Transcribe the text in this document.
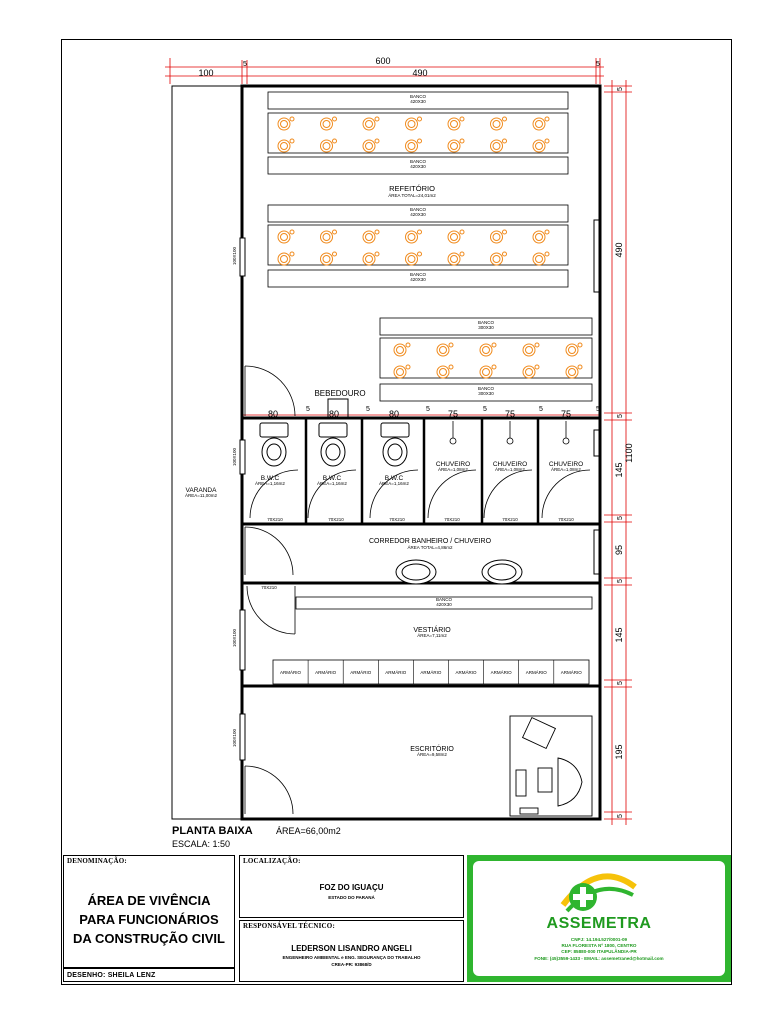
600
100
5
490
5
1100
5
490
5
145
5
95
5
145
5
195
5
80	5 80	5 80	5 75	5 75	5 75	5
ARMÁRIO	ARMÁRIO	ARMÁRIO	ARMÁRIO	ARMÁRIO	ARMÁRIO	ARMÁRIO	ARMÁRIO	ARMÁRIO
BANCO
420X30
BANCO
420X30
BANCO
420X30
BANCO
420X30
BANCO
300X30
BANCO
300X30
BANCO
420X30
REFEITÓRIO
BEBEDOURO
B.W.C	B.W.C	B.W.C
CHUVEIRO	CHUVEIRO	CHUVEIRO
CORREDOR BANHEIRO / CHUVEIRO
VESTIÁRIO
ESCRITÓRIO
VARANDA
ÁREA TOTAL=24,01m2
ÁREA=1,16m2	ÁREA=1,16m2	ÁREA=1,16m2
ÁREA=1,08m2	ÁREA=1,08m2	ÁREA=1,08m2
ÁREA TOTAL=4,86m2
ÁREA=7,11m2
ÁREA=9,58m2
ÁREA=11,00m2
70X210	70X210	70X210	70X210	70X210	70X210
100X100
100X100
100X100
100X100
70X210
PLANTA BAIXA	ÁREA=66,00m2
ESCALA: 1:50
DENOMINAÇÃO:
ÁREA DE VIVÊNCIA
PARA FUNCIONÁRIOS
DA CONSTRUÇÃO CIVIL
DESENHO: SHEILA LENZ
LOCALIZAÇÃO:
FOZ DO IGUAÇU
ESTADO DO PARANÁ
RESPONSÁVEL TÉCNICO:
LEDERSON LISANDRO ANGELI
ENGENHEIRO AMBIENTAL e ENG. SEGURANÇA DO TRABALHO
CREA-PR: 93868/D
ASSEMETRA
CNPJ: 14.194.527/0001-09
RUA FLORESTA Nº 1800, CENTRO
CEP: 85880-000 ITAIPULÂNDIA-PR
FONE: (45)3559-1433 - EMAIL: assemetraned@hotmail.com
